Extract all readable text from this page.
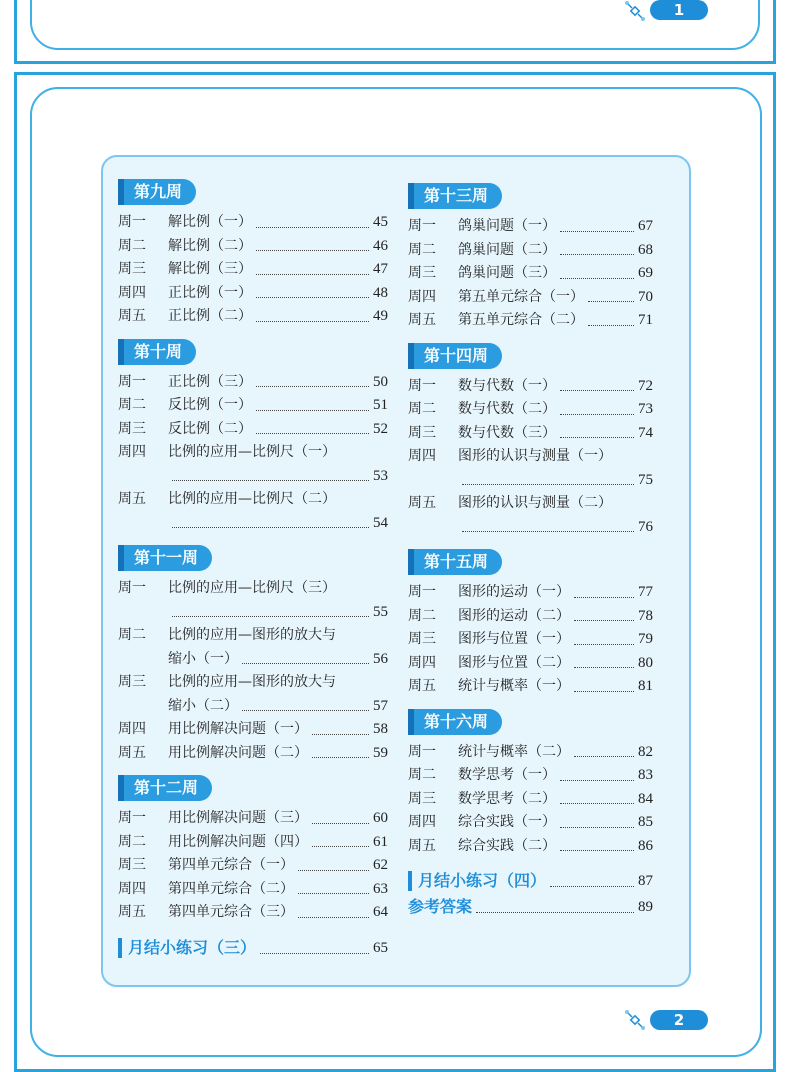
1
第九周
周一	解比例（一）	45
周二	解比例（二）	46
周三	解比例（三）	47
周四	正比例（一）	48
周五	正比例（二）	49
第十周
周一	正比例（三）	50
周二	反比例（一）	51
周三	反比例（二）	52
周四	比例的应用—比例尺（一）
53
周五	比例的应用—比例尺（二）
54
第十一周
周一	比例的应用—比例尺（三）
55
周二	比例的应用—图形的放大与
缩小（一）	56
周三	比例的应用—图形的放大与
缩小（二）	57
周四	用比例解决问题（一）	58
周五	用比例解决问题（二）	59
第十二周
周一	用比例解决问题（三）	60
周二	用比例解决问题（四）	61
周三	第四单元综合（一）	62
周四	第四单元综合（二）	63
周五	第四单元综合（三）	64
月结小练习（三）	65
第十三周
周一	鸽巢问题（一）	67
周二	鸽巢问题（二）	68
周三	鸽巢问题（三）	69
周四	第五单元综合（一）	70
周五	第五单元综合（二）	71
第十四周
周一	数与代数（一）	72
周二	数与代数（二）	73
周三	数与代数（三）	74
周四	图形的认识与测量（一）
75
周五	图形的认识与测量（二）
76
第十五周
周一	图形的运动（一）	77
周二	图形的运动（二）	78
周三	图形与位置（一）	79
周四	图形与位置（二）	80
周五	统计与概率（一）	81
第十六周
周一	统计与概率（二）	82
周二	数学思考（一）	83
周三	数学思考（二）	84
周四	综合实践（一）	85
周五	综合实践（二）	86
月结小练习（四）	87
参考答案	89
2
